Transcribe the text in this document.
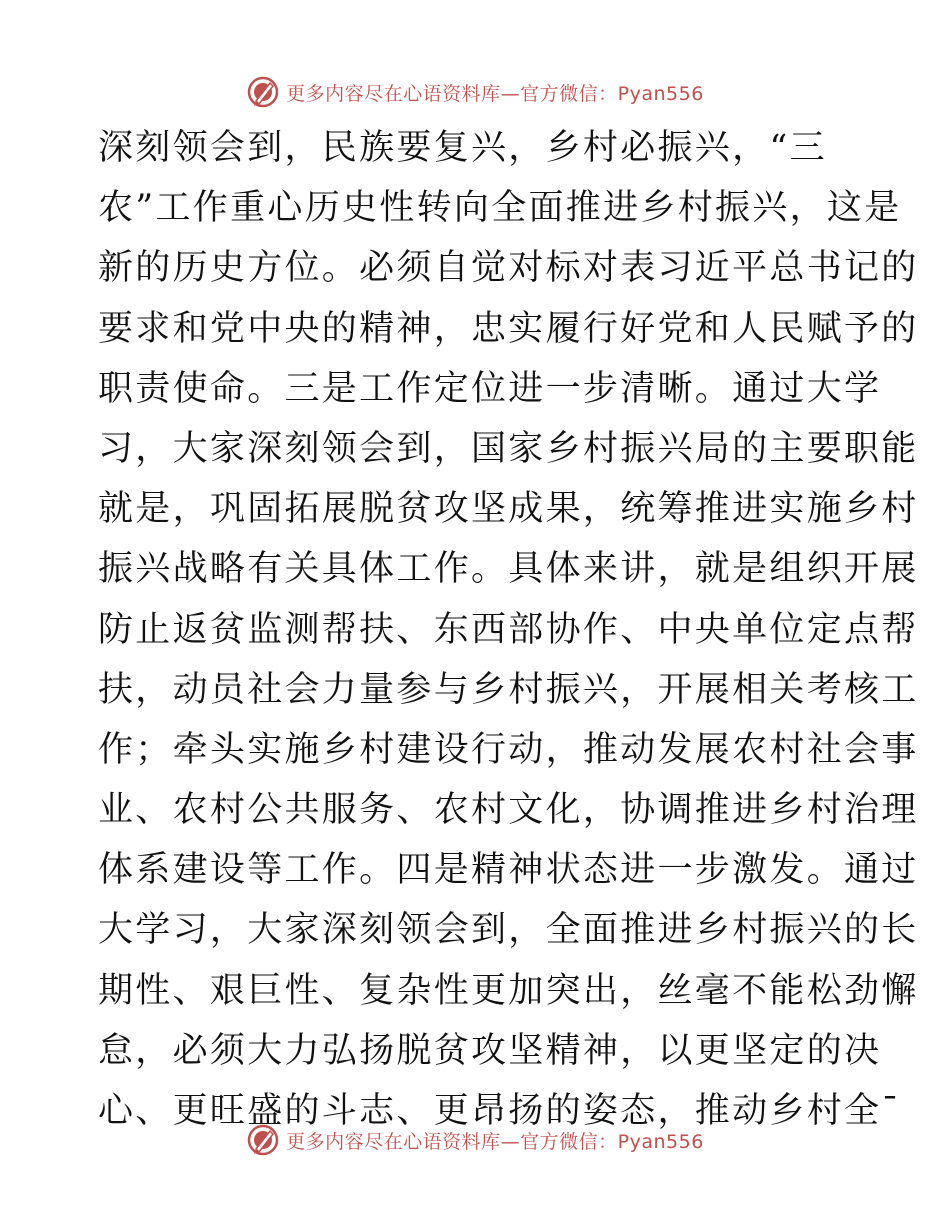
更多内容尽在心语资料库—官方微信：Pyan556
深刻领会到，民族要复兴，乡村必振兴，“三
农”工作重心历史性转向全面推进乡村振兴，这是
新的历史方位。必须自觉对标对表习近平总书记的
要求和党中央的精神，忠实履行好党和人民赋予的
职责使命。三是工作定位进一步清晰。通过大学
习，大家深刻领会到，国家乡村振兴局的主要职能
就是，巩固拓展脱贫攻坚成果，统筹推进实施乡村
振兴战略有关具体工作。具体来讲，就是组织开展
防止返贫监测帮扶、东西部协作、中央单位定点帮
扶，动员社会力量参与乡村振兴，开展相关考核工
作；牵头实施乡村建设行动，推动发展农村社会事
业、农村公共服务、农村文化，协调推进乡村治理
体系建设等工作。四是精神状态进一步激发。通过
大学习，大家深刻领会到，全面推进乡村振兴的长
期性、艰巨性、复杂性更加突出，丝毫不能松劲懈
怠，必须大力弘扬脱贫攻坚精神，以更坚定的决
心、更旺盛的斗志、更昂扬的姿态，推动乡村全¯
更多内容尽在心语资料库—官方微信：Pyan556
